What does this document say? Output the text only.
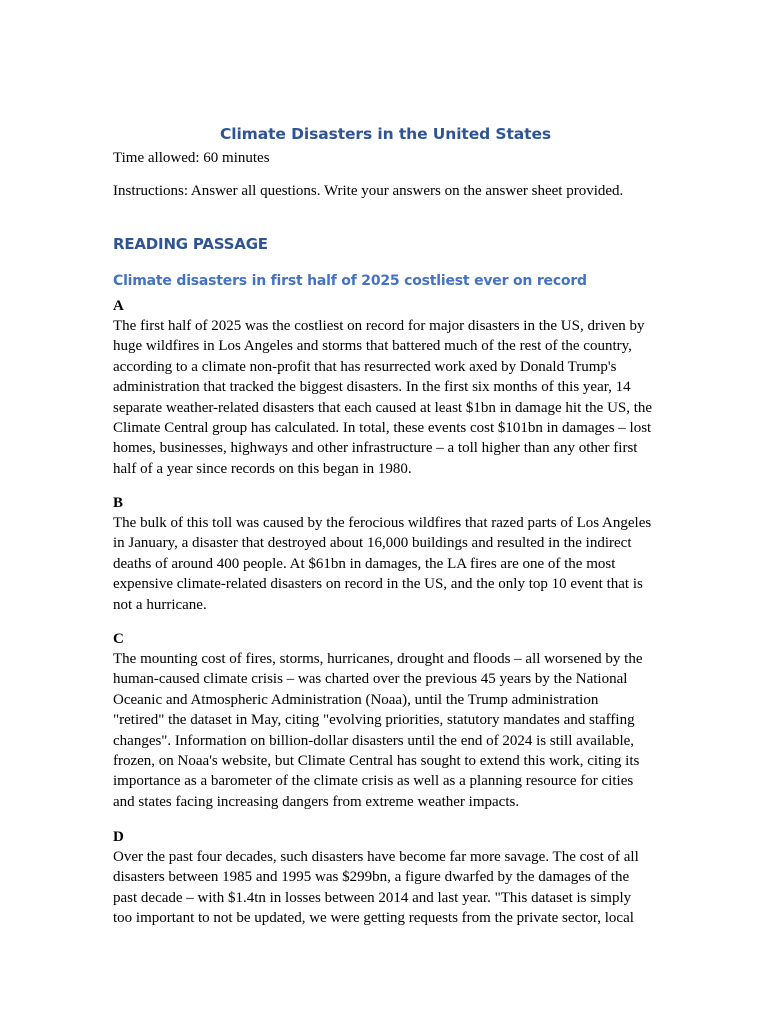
Climate Disasters in the United States
Time allowed: 60 minutes
Instructions: Answer all questions. Write your answers on the answer sheet provided.
READING PASSAGE
Climate disasters in first half of 2025 costliest ever on record
A
The first half of 2025 was the costliest on record for major disasters in the US, driven by
huge wildfires in Los Angeles and storms that battered much of the rest of the country,
according to a climate non-profit that has resurrected work axed by Donald Trump's
administration that tracked the biggest disasters. In the first six months of this year, 14
separate weather-related disasters that each caused at least $1bn in damage hit the US, the
Climate Central group has calculated. In total, these events cost $101bn in damages – lost
homes, businesses, highways and other infrastructure – a toll higher than any other first
half of a year since records on this began in 1980.
B
The bulk of this toll was caused by the ferocious wildfires that razed parts of Los Angeles
in January, a disaster that destroyed about 16,000 buildings and resulted in the indirect
deaths of around 400 people. At $61bn in damages, the LA fires are one of the most
expensive climate-related disasters on record in the US, and the only top 10 event that is
not a hurricane.
C
The mounting cost of fires, storms, hurricanes, drought and floods – all worsened by the
human-caused climate crisis – was charted over the previous 45 years by the National
Oceanic and Atmospheric Administration (Noaa), until the Trump administration
"retired" the dataset in May, citing "evolving priorities, statutory mandates and staffing
changes". Information on billion-dollar disasters until the end of 2024 is still available,
frozen, on Noaa's website, but Climate Central has sought to extend this work, citing its
importance as a barometer of the climate crisis as well as a planning resource for cities
and states facing increasing dangers from extreme weather impacts.
D
Over the past four decades, such disasters have become far more savage. The cost of all
disasters between 1985 and 1995 was $299bn, a figure dwarfed by the damages of the
past decade – with $1.4tn in losses between 2014 and last year. "This dataset is simply
too important to not be updated, we were getting requests from the private sector, local
